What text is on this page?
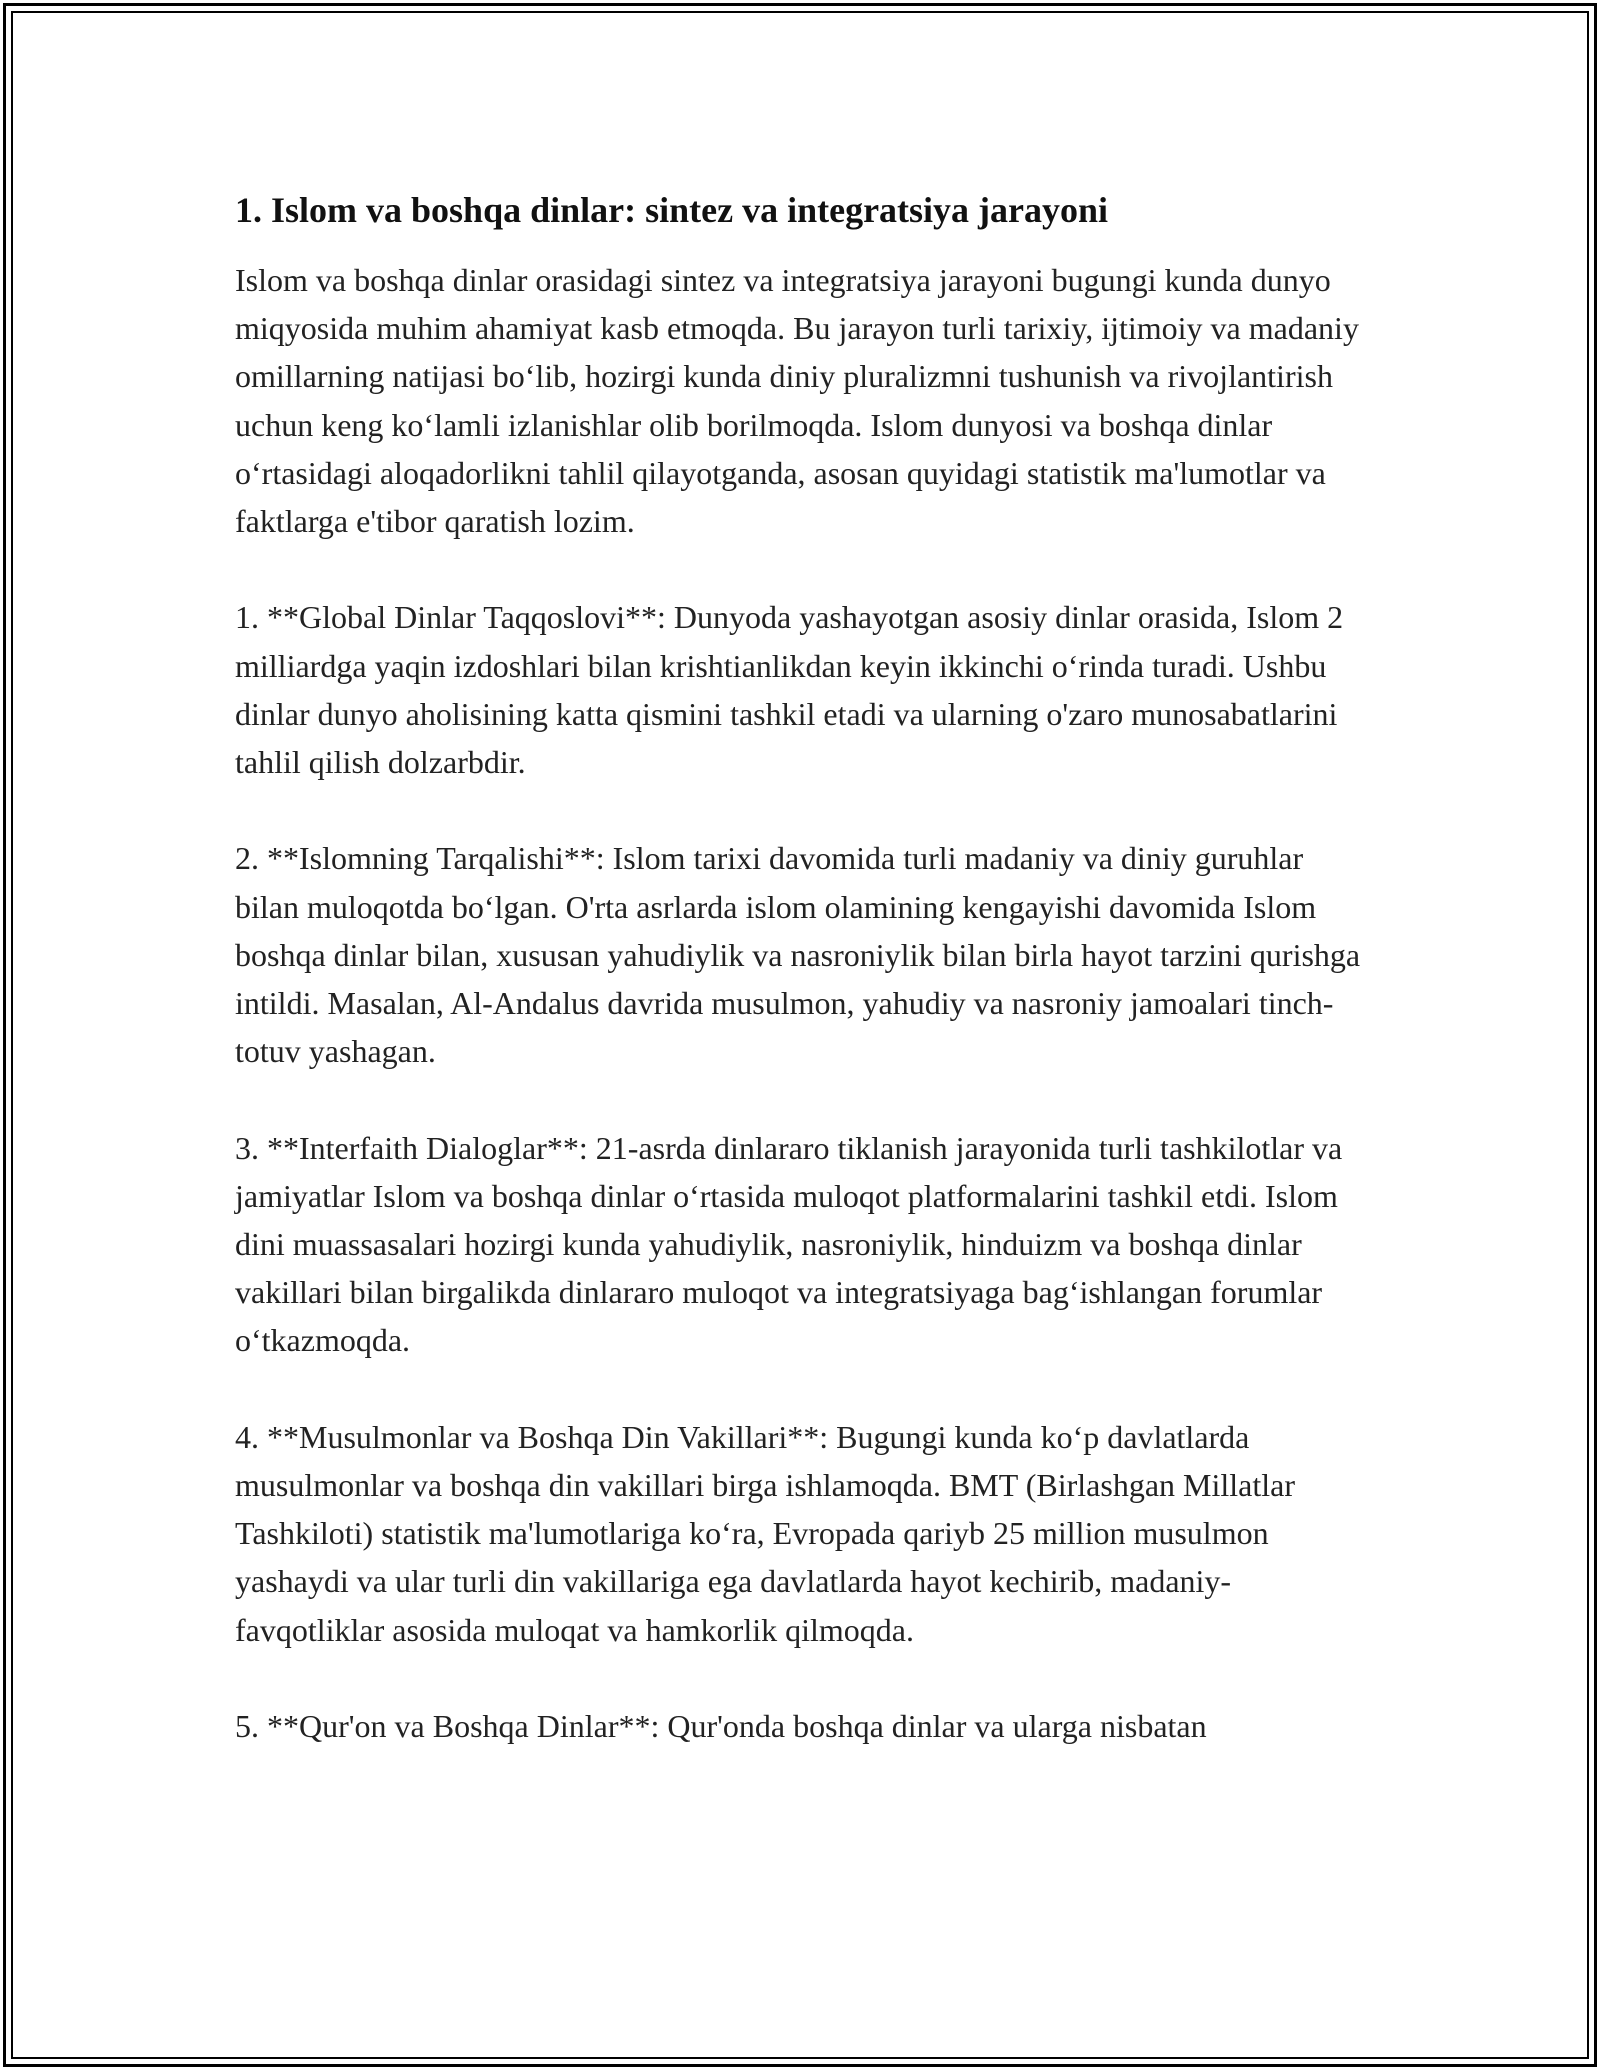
1. Islom va boshqa dinlar: sintez va integratsiya jarayoni

Islom va boshqa dinlar orasidagi sintez va integratsiya jarayoni bugungi kunda dunyo miqyosida muhim ahamiyat kasb etmoqda. Bu jarayon turli tarixiy, ijtimoiy va madaniy omillarning natijasi bo‘lib, hozirgi kunda diniy pluralizmni tushunish va rivojlantirish uchun keng ko‘lamli izlanishlar olib borilmoqda. Islom dunyosi va boshqa dinlar o‘rtasidagi aloqadorlikni tahlil qilayotganda, asosan quyidagi statistik ma'lumotlar va faktlarga e'tibor qaratish lozim.

1. **Global Dinlar Taqqoslovi**: Dunyoda yashayotgan asosiy dinlar orasida, Islom 2 milliardga yaqin izdoshlari bilan krishtianlikdan keyin ikkinchi o‘rinda turadi. Ushbu dinlar dunyo aholisining katta qismini tashkil etadi va ularning o'zaro munosabatlarini tahlil qilish dolzarbdir.

2. **Islomning Tarqalishi**: Islom tarixi davomida turli madaniy va diniy guruhlar bilan muloqotda bo‘lgan. O'rta asrlarda islom olamining kengayishi davomida Islom boshqa dinlar bilan, xususan yahudiylik va nasroniylik bilan birla hayot tarzini qurishga intildi. Masalan, Al-Andalus davrida musulmon, yahudiy va nasroniy jamoalari tinch-totuv yashagan.

3. **Interfaith Dialoglar**: 21-asrda dinlararo tiklanish jarayonida turli tashkilotlar va jamiyatlar Islom va boshqa dinlar o‘rtasida muloqot platformalarini tashkil etdi. Islom dini muassasalari hozirgi kunda yahudiylik, nasroniylik, hinduizm va boshqa dinlar vakillari bilan birgalikda dinlararo muloqot va integratsiyaga bag‘ishlangan forumlar o‘tkazmoqda.

4. **Musulmonlar va Boshqa Din Vakillari**: Bugungi kunda ko‘p davlatlarda musulmonlar va boshqa din vakillari birga ishlamoqda. BMT (Birlashgan Millatlar Tashkiloti) statistik ma'lumotlariga ko‘ra, Evropada qariyb 25 million musulmon yashaydi va ular turli din vakillariga ega davlatlarda hayot kechirib, madaniy-favqotliklar asosida muloqat va hamkorlik qilmoqda.

5. **Qur'on va Boshqa Dinlar**: Qur'onda boshqa dinlar va ularga nisbatan
